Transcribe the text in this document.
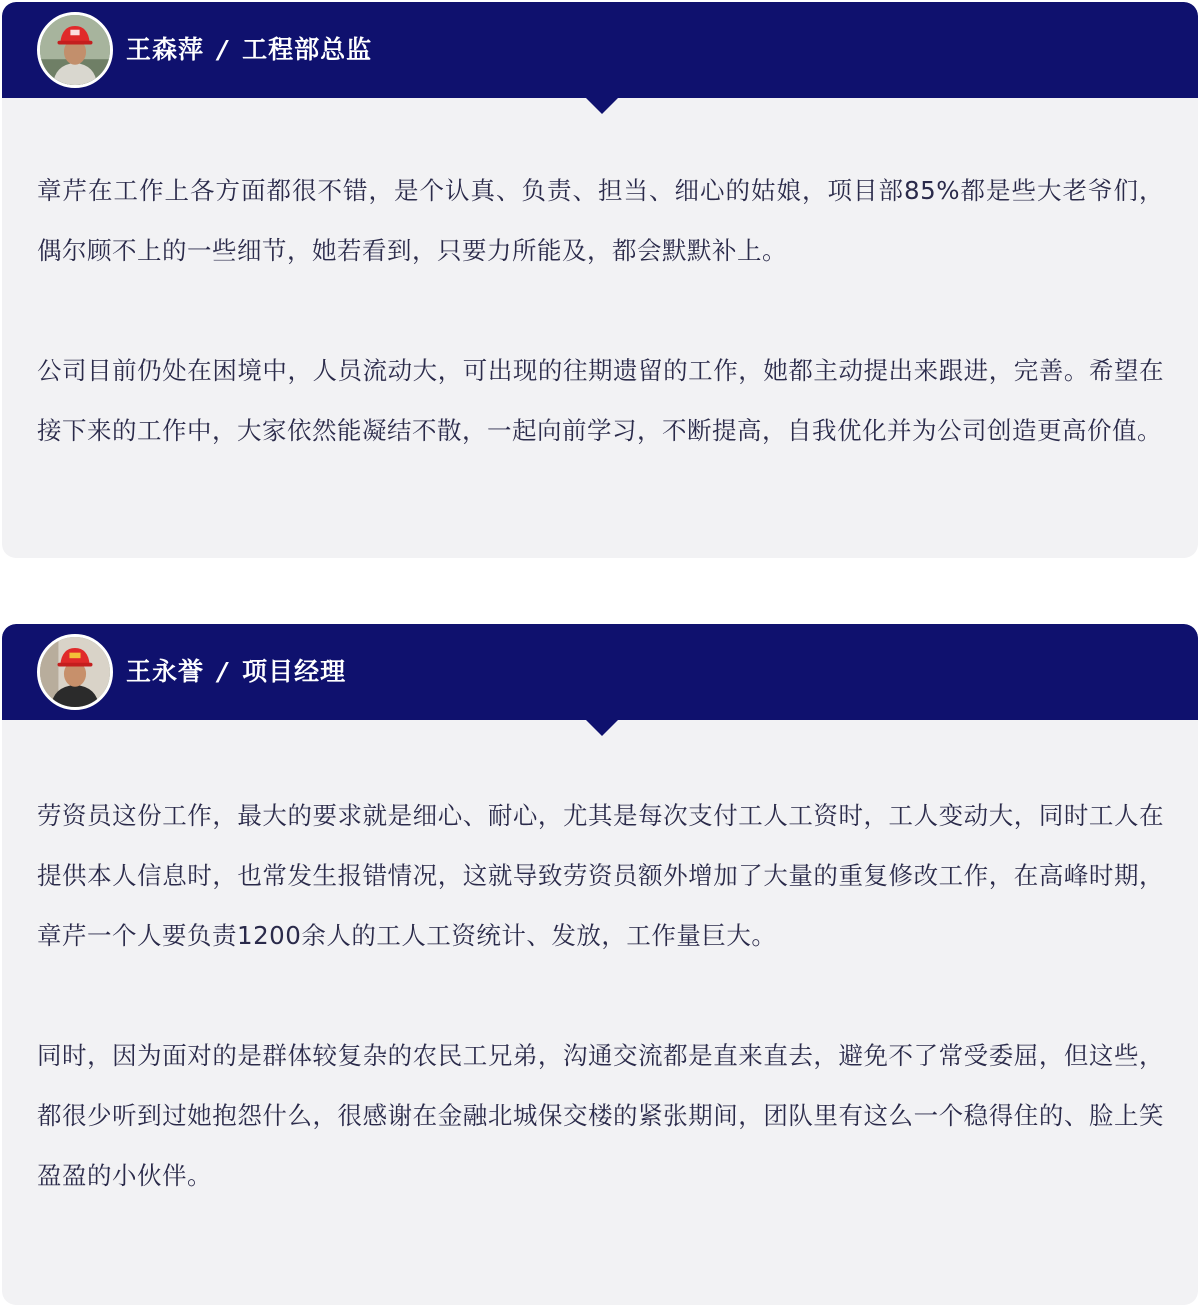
王森萍 / 工程部总监

章芹在工作上各方面都很不错，是个认真、负责、担当、细心的姑娘，项目部85%都是些大老爷们，偶尔顾不上的一些细节，她若看到，只要力所能及，都会默默补上。

公司目前仍处在困境中，人员流动大，可出现的往期遗留的工作，她都主动提出来跟进，完善。希望在接下来的工作中，大家依然能凝结不散，一起向前学习，不断提高，自我优化并为公司创造更高价值。

王永誉 / 项目经理

劳资员这份工作，最大的要求就是细心、耐心，尤其是每次支付工人工资时，工人变动大，同时工人在提供本人信息时，也常发生报错情况，这就导致劳资员额外增加了大量的重复修改工作，在高峰时期，章芹一个人要负责1200余人的工人工资统计、发放，工作量巨大。

同时，因为面对的是群体较复杂的农民工兄弟，沟通交流都是直来直去，避免不了常受委屈，但这些，都很少听到过她抱怨什么，很感谢在金融北城保交楼的紧张期间，团队里有这么一个稳得住的、脸上笑盈盈的小伙伴。
